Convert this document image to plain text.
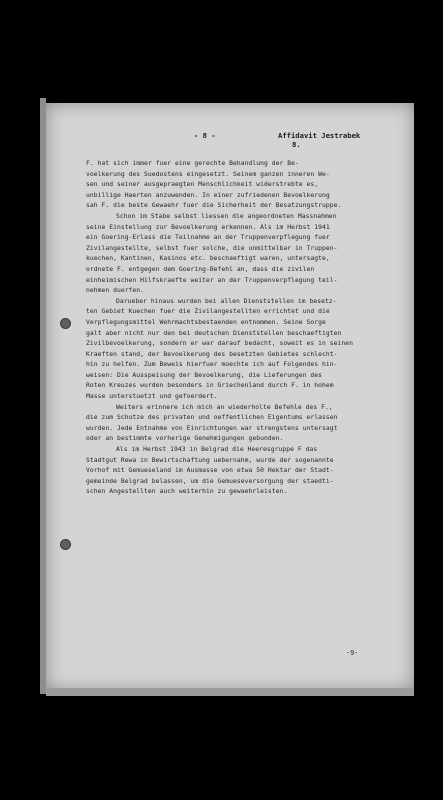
- 8 -	Affidavit Jestrabek
8.
F. hat sich immer fuer eine gerechte Behandlung der Be-
voelkerung des Suedostens eingesetzt. Seinem ganzen inneren We-
sen und seiner ausgepraegten Menschlichkeit widerstrebte es,
unbillige Haerten anzuwenden. In einer zufriedenen Bevoelkerung
sah F. die beste Gewaehr fuer die Sicherheit der Besatzungstruppe.
Schon im Stabe selbst liessen die angeordneten Massnahmen
seine Einstellung zur Bevoelkerung erkennen. Als im Herbst 1941
ein Goering-Erlass die Teilnahme an der Truppenverpflegung fuer
Zivilangestellte, selbst fuer solche, die unmittelbar in Truppen-
kuechen, Kantinen, Kasinos etc. beschaeftigt waren, untersagte,
ordnete F. entgegen dem Goering-Befehl an, dass die zivilen
einheimischen Hilfskraefte weiter an der Truppenverpflegung teil-
nehmen duerfen.
Darueber hinaus wurden bei allen Dienststellen im besetz-
ten Gebiet Kuechen fuer die Zivilangestellten errichtet und die
Verpflegungsmittel Wehrmachtsbestaenden entnommen. Seine Sorge
galt aber nicht nur den bei deutschen Dienststellen beschaeftigten
Zivilbevoelkerung, sondern er war darauf bedacht, soweit es in seinen
Kraeften stand, der Bevoelkerung des besetzten Gebietes schlecht-
hin zu helfen. Zum Beweis hierfuer moechte ich auf Folgendes hin-
weisen: Die Ausspeisung der Bevoelkerung, die Lieferungen des
Roten Kreuzes wurden besonders in Griechenland durch F. in hohem
Masse unterstuetzt und gefoerdert.
Weiters erinnere ich mich an wiederholte Befehle des F.,
die zum Schutze des privaten und oeffentlichen Eigentums erlassen
wurden. Jede Entnahme von Einrichtungen war strengstens untersagt
oder an bestimmte vorherige Genehmigungen gebunden.
Als im Herbst 1943 in Belgrad die Heeresgruppe F das
Stadtgut Rewa in Bewirtschaftung uebernahm, wurde der sogenannte
Vorhof mit Gemueseland im Ausmasse von etwa 50 Hektar der Stadt-
gemeinde Belgrad belassen, um die Gemueseversorgung der staedti-
schen Angestellten auch weiterhin zu gewaehrleisten.
-9-
